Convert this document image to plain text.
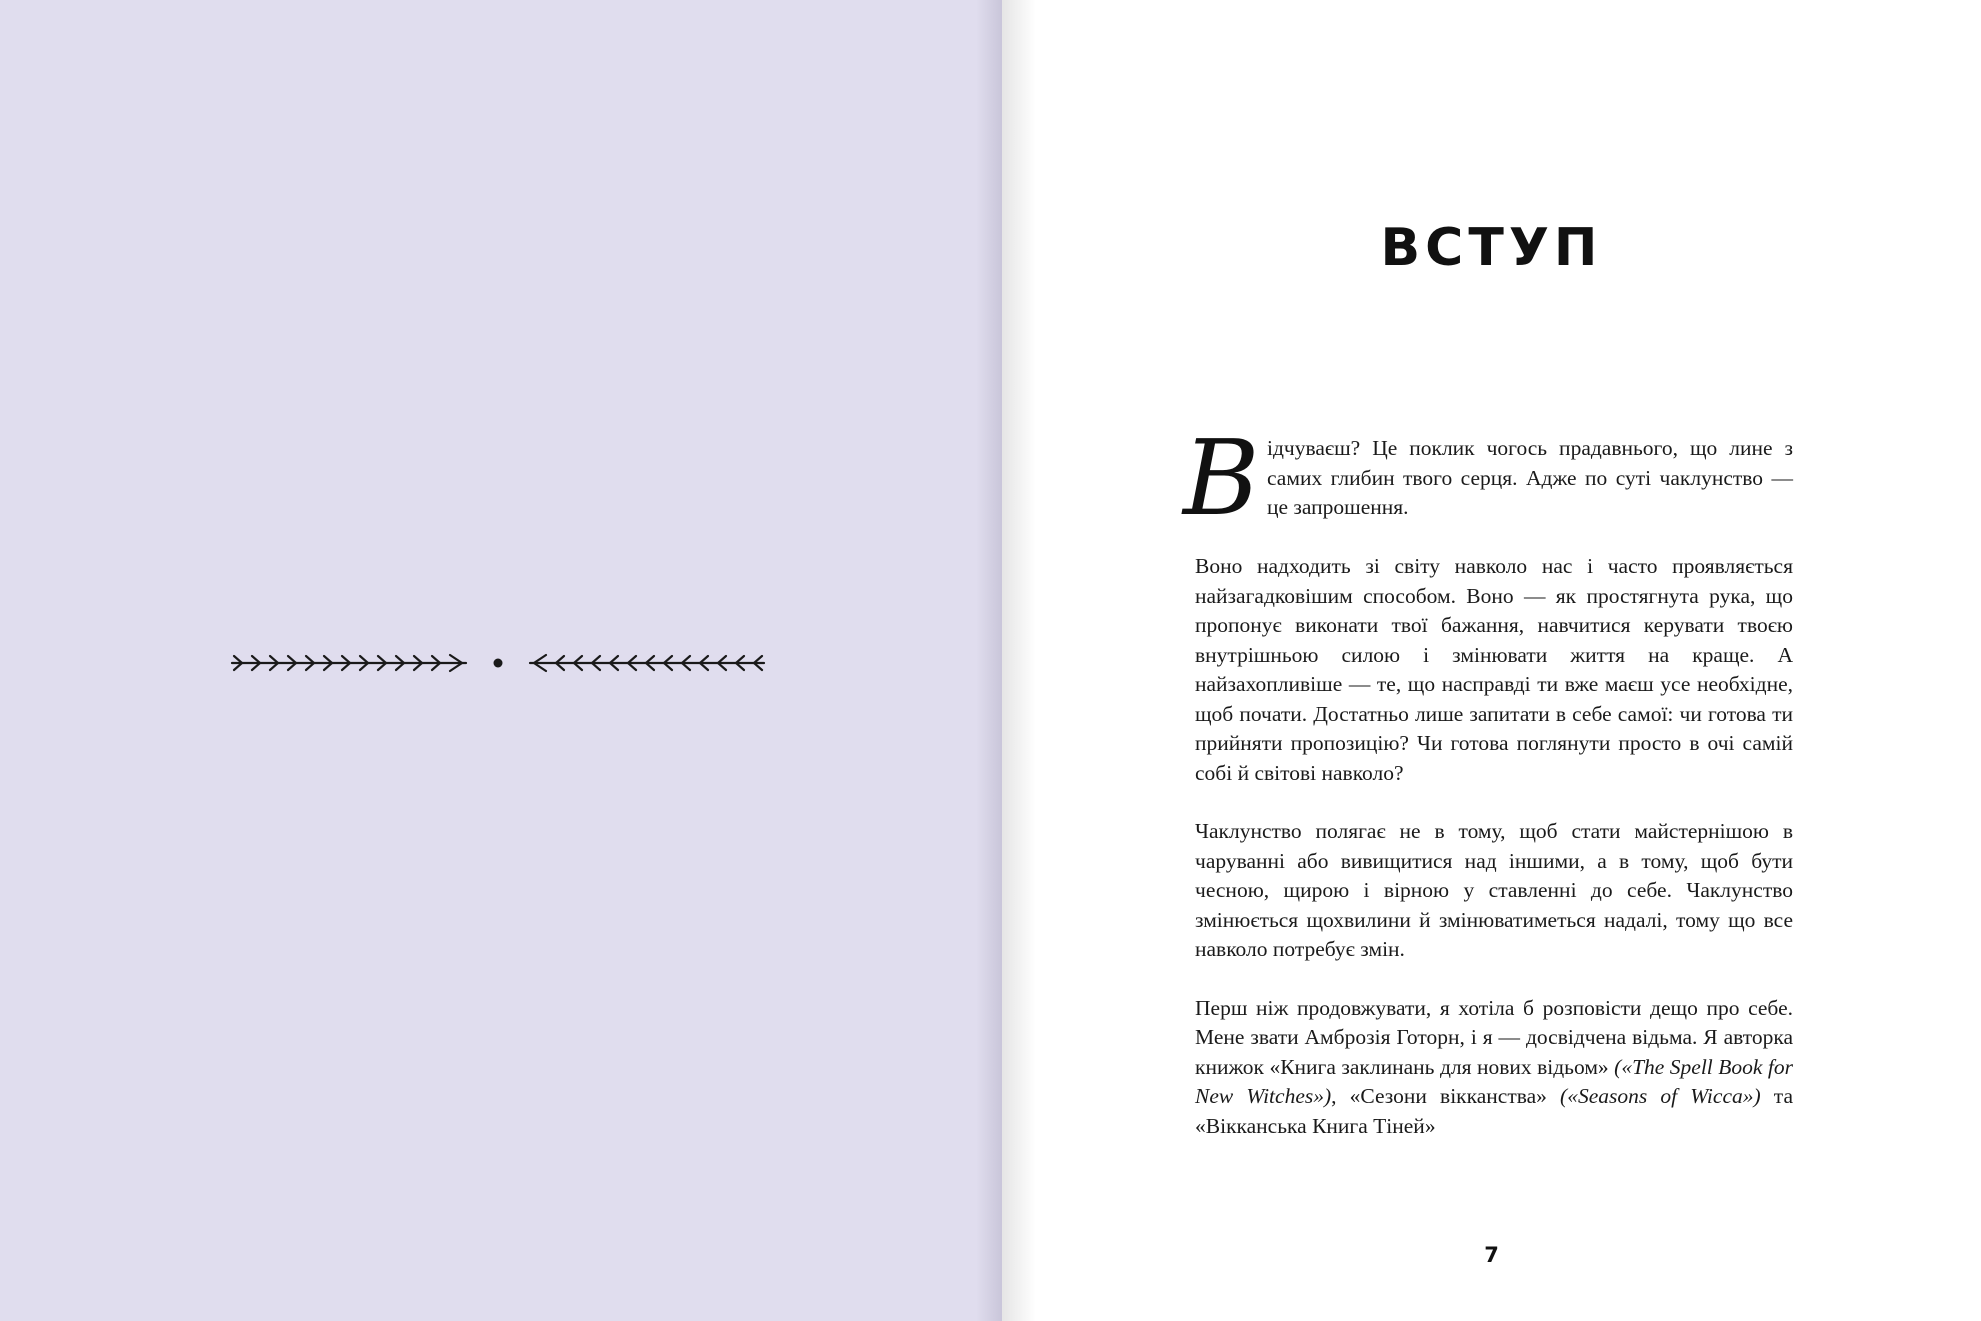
ВСТУП

В ідчуваєш? Це поклик чогось прадавнього, що линe з самих глибин твого серця. Адже по суті чаклунство — це запрошення.

Воно надходить зі світу навколо нас і часто проявляється найзагадковішим способом. Воно — як простягнута рука, що пропонує виконати твої бажання, навчитися керувати твоєю внутрішньою силою і змінювати життя на краще. А найзахопливіше — те, що насправді ти вже маєш усе необхідне, щоб почати. Достатньо лише запитати в себе самої: чи готова ти прийняти пропозицію? Чи готова поглянути просто в очі самій собі й світові навколо?

Чаклунство полягає не в тому, щоб стати майстернішою в чаруванні або вивищитися над іншими, а в тому, щоб бути чесною, щирою і вірною у ставленні до себе. Чаклунство змінюється щохвилини й змінюватиметься надалі, тому що все навколо потребує змін.

Перш ніж продовжувати, я хотіла б розповісти дещо про себе. Мене звати Амброзія Готорн, і я — досвідчена відьма. Я авторка книжок «Книга заклинань для нових відьом» («The Spell Book for New Witches»), «Сезони вікканства» («Seasons of Wicca») та «Вікканська Книга Тіней»

7
